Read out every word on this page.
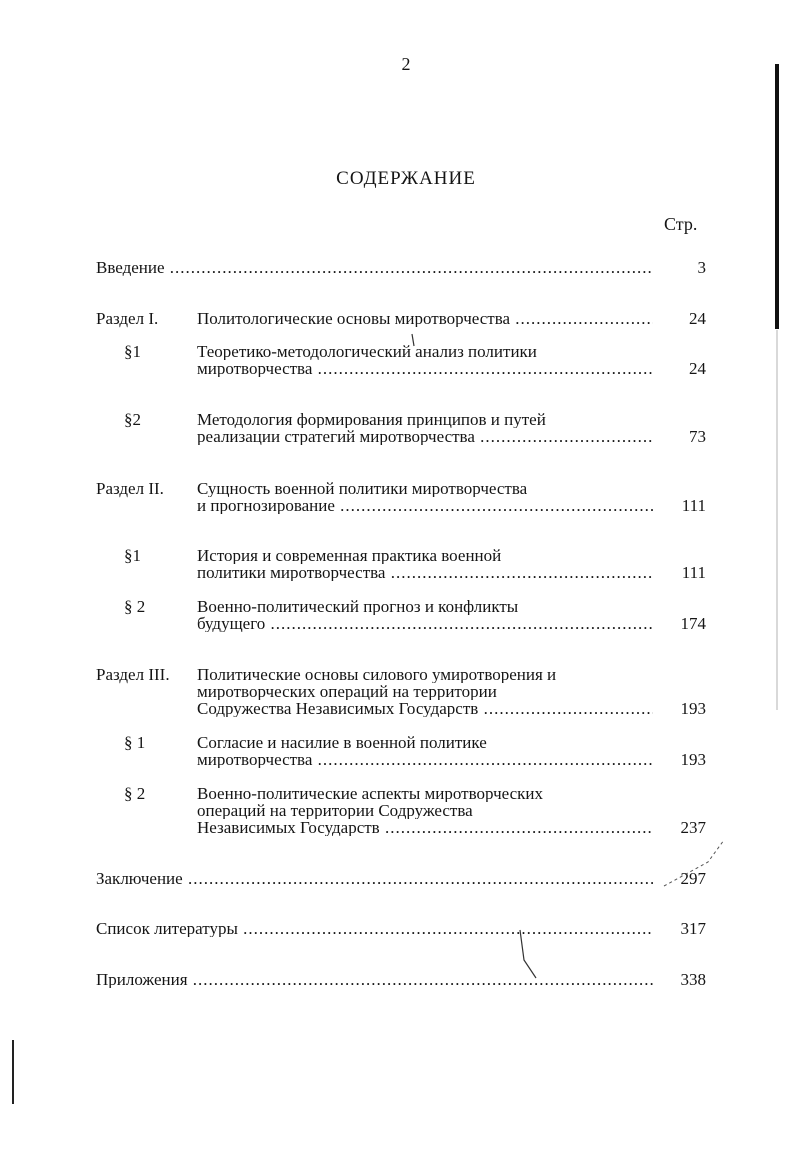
2
СОДЕРЖАНИЕ
Стр.
Введение .....	3
Раздел I. Политологические основы миротворчества .....	24
§1	Теоретико-методологический анализ политики
миротворчества .....	24
§2	Методология формирования принципов и путей
реализации стратегий миротворчества .....	73
Раздел II. Сущность военной политики миротворчества
и прогнозирование .....	111
§1	История и современная практика военной
политики миротворчества .....	111
§ 2	Военно-политический прогноз и конфликты
будущего .....	174
Раздел III. Политические основы силового умиротворения и
миротворческих операций на территории
Содружества Независимых Государств .....	193
§ 1	Согласие и насилие в военной политике
миротворчества .....	193
§ 2	Военно-политические аспекты миротворческих
операций на территории Содружества
Независимых Государств .....	237
Заключение .....	297
Список литературы .....	317
Приложения .....	338
